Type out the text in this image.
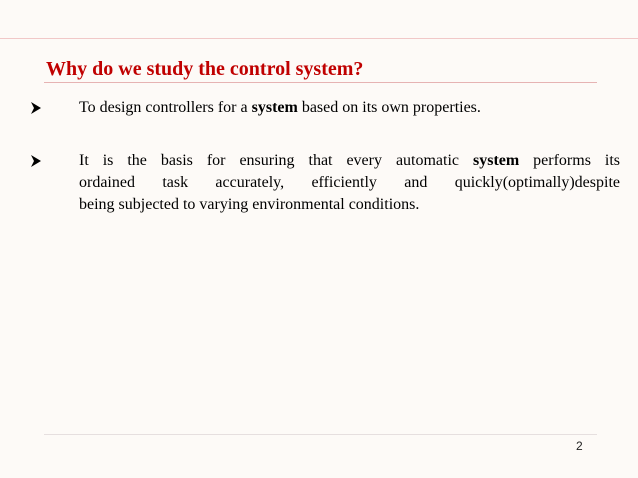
Why do we study the control system?
To design controllers for a system based on its own properties.
It is the basis for ensuring that every automatic system performs its
ordained task accurately, efficiently and quickly(optimally)despite
being subjected to varying environmental conditions.
2
